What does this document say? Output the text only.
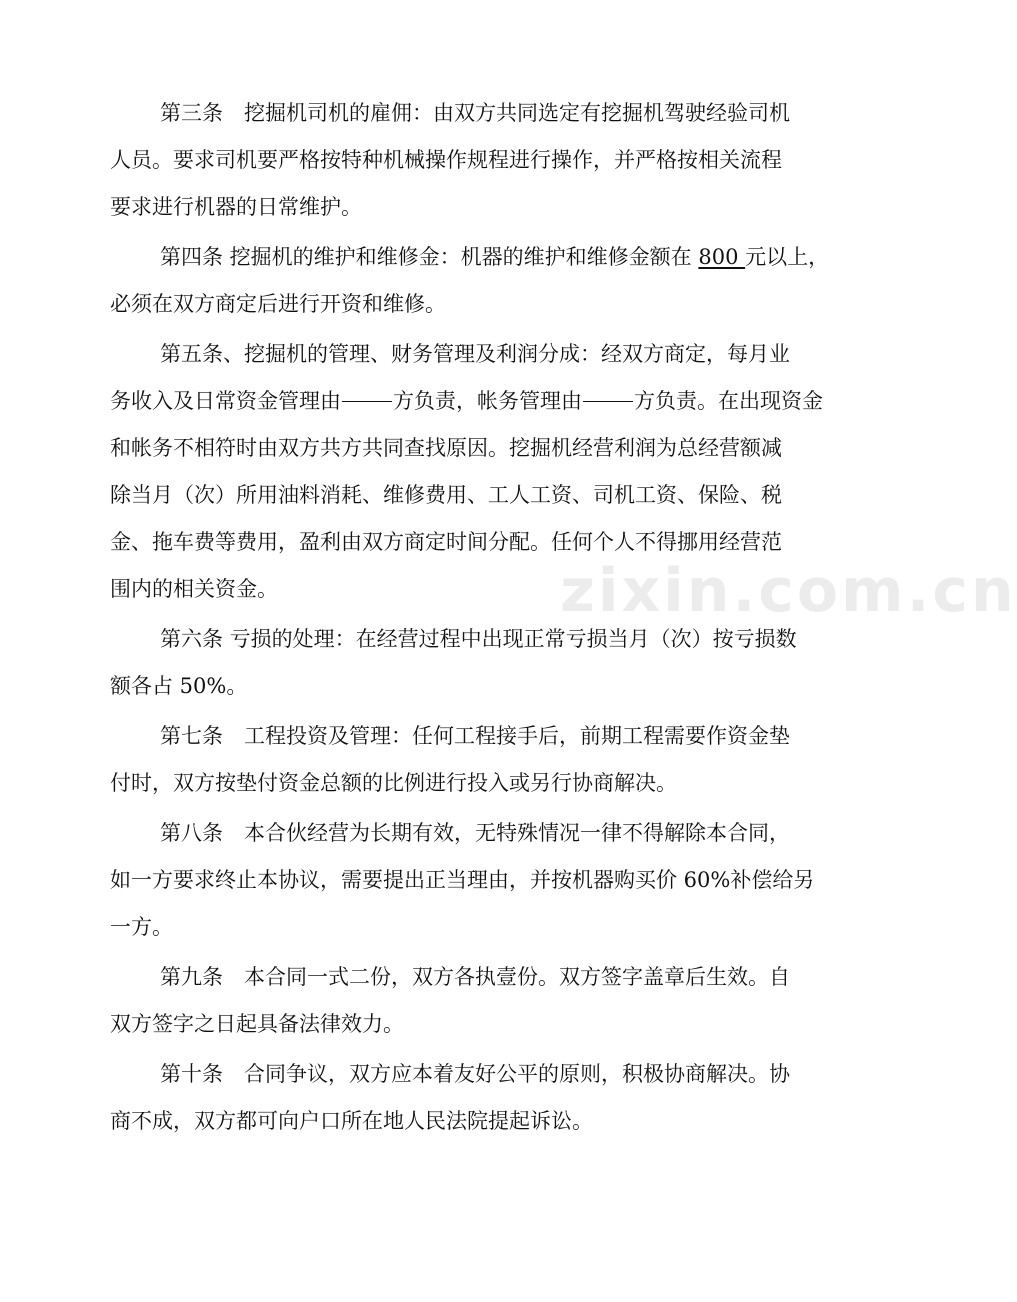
zixin.com.cn

第三条　挖掘机司机的雇佣：由双方共同选定有挖掘机驾驶经验司机
人员。要求司机要严格按特种机械操作规程进行操作，并严格按相关流程
要求进行机器的日常维护。

第四条 挖掘机的维护和维修金：机器的维护和维修金额在 800 元以上，
必须在双方商定后进行开资和维修。

第五条、挖掘机的管理、财务管理及利润分成：经双方商定，每月业
务收入及日常资金管理由 方负责，帐务管理由 方负责。在出现资金
和帐务不相符时由双方共方共同查找原因。挖掘机经营利润为总经营额减
除当月（次）所用油料消耗、维修费用、工人工资、司机工资、保险、税
金、拖车费等费用，盈利由双方商定时间分配。任何个人不得挪用经营范
围内的相关资金。

第六条 亏损的处理：在经营过程中出现正常亏损当月（次）按亏损数
额各占 50%。

第七条　工程投资及管理：任何工程接手后，前期工程需要作资金垫
付时，双方按垫付资金总额的比例进行投入或另行协商解决。

第八条　本合伙经营为长期有效，无特殊情况一律不得解除本合同，
如一方要求终止本协议，需要提出正当理由，并按机器购买价 60%补偿给另
一方。

第九条　本合同一式二份，双方各执壹份。双方签字盖章后生效。自
双方签字之日起具备法律效力。

第十条　合同争议，双方应本着友好公平的原则，积极协商解决。协
商不成，双方都可向户口所在地人民法院提起诉讼。
